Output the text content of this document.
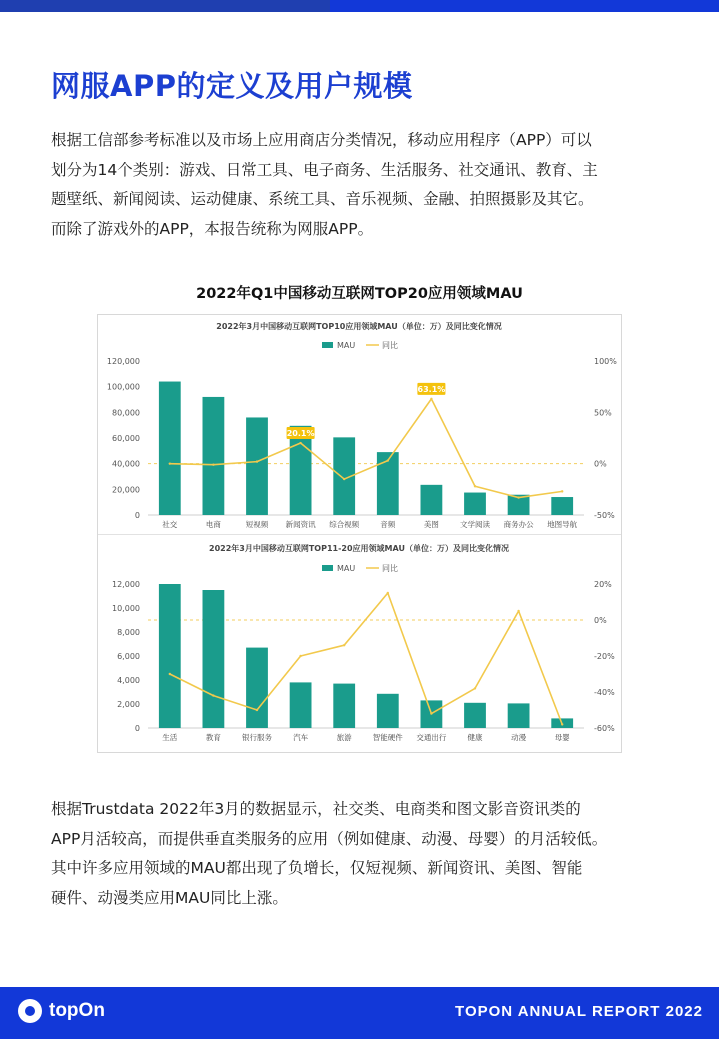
网服APP的定义及用户规模

根据工信部参考标准以及市场上应用商店分类情况，移动应用程序（APP）可以

划分为14个类别：游戏、日常工具、电子商务、生活服务、社交通讯、教育、主

题壁纸、新闻阅读、运动健康、系统工具、音乐视频、金融、拍照摄影及其它。

而除了游戏外的APP，本报告统称为网服APP。

2022年Q1中国移动互联网TOP20应用领域MAU
2022年3月中国移动互联网TOP10应用领域MAU（单位：万）及同比变化情况
MAU	同比
0
20,000
40,000
60,000
80,000
100,000
120,000
-50%
0%
50%
100%
社交	电商	短视频 新闻资讯 综合视频	音频	美图	文学阅读 商务办公 地图导航
20.1%
63.1%
2022年3月中国移动互联网TOP11-20应用领域MAU（单位：万）及同比变化情况
MAU	同比
0
2,000
4,000
6,000
8,000
10,000
12,000
-60%
-40%
-20%
0%
20%
生活	教育	银行服务	汽车	旅游	智能硬件 交通出行	健康	动漫	母婴

根据Trustdata 2022年3月的数据显示，社交类、电商类和图文影音资讯类的

APP月活较高，而提供垂直类服务的应用（例如健康、动漫、母婴）的月活较低。

其中许多应用领域的MAU都出现了负增长，仅短视频、新闻资讯、美图、智能

硬件、动漫类应用MAU同比上涨。

topOn	TOPON ANNUAL REPORT 2022
